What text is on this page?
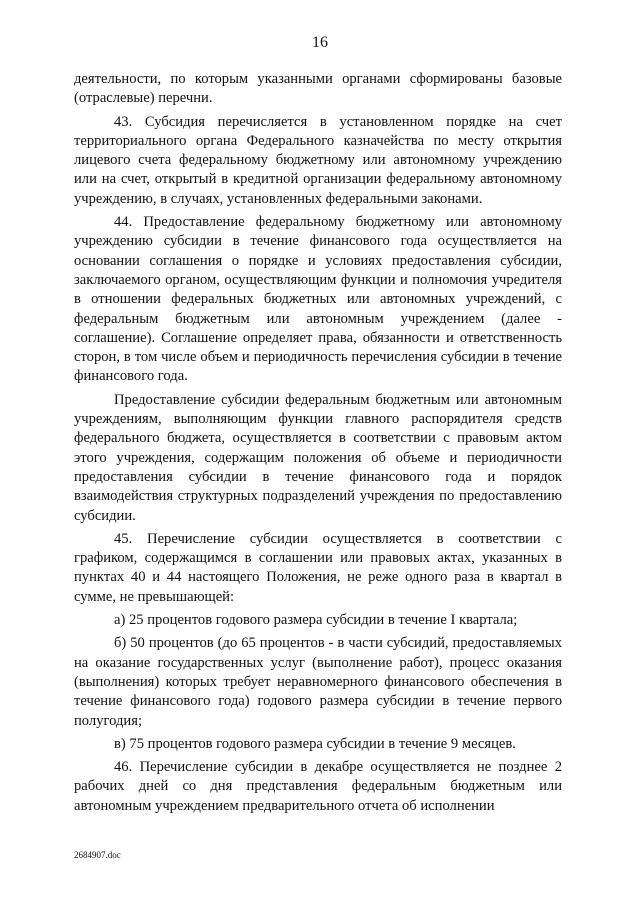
16

деятельности, по которым указанными органами сформированы базовые (отраслевые) перечни.

43. Субсидия перечисляется в установленном порядке на счет территориального органа Федерального казначейства по месту открытия лицевого счета федеральному бюджетному или автономному учреждению или на счет, открытый в кредитной организации федеральному автономному учреждению, в случаях, установленных федеральными законами.

44. Предоставление федеральному бюджетному или автономному учреждению субсидии в течение финансового года осуществляется на основании соглашения о порядке и условиях предоставления субсидии, заключаемого органом, осуществляющим функции и полномочия учредителя в отношении федеральных бюджетных или автономных учреждений, с федеральным бюджетным или автономным учреждением (далее - соглашение). Соглашение определяет права, обязанности и ответственность сторон, в том числе объем и периодичность перечисления субсидии в течение финансового года.

Предоставление субсидии федеральным бюджетным или автономным учреждениям, выполняющим функции главного распорядителя средств федерального бюджета, осуществляется в соответствии с правовым актом этого учреждения, содержащим положения об объеме и периодичности предоставления субсидии в течение финансового года и порядок взаимодействия структурных подразделений учреждения по предоставлению субсидии.

45. Перечисление субсидии осуществляется в соответствии с графиком, содержащимся в соглашении или правовых актах, указанных в пунктах 40 и 44 настоящего Положения, не реже одного раза в квартал в сумме, не превышающей:

а) 25 процентов годового размера субсидии в течение I квартала;

б) 50 процентов (до 65 процентов - в части субсидий, предоставляемых на оказание государственных услуг (выполнение работ), процесс оказания (выполнения) которых требует неравномерного финансового обеспечения в течение финансового года) годового размера субсидии в течение первого полугодия;

в) 75 процентов годового размера субсидии в течение 9 месяцев.

46. Перечисление субсидии в декабре осуществляется не позднее 2 рабочих дней со дня представления федеральным бюджетным или автономным учреждением предварительного отчета об исполнении

2684907.doc
